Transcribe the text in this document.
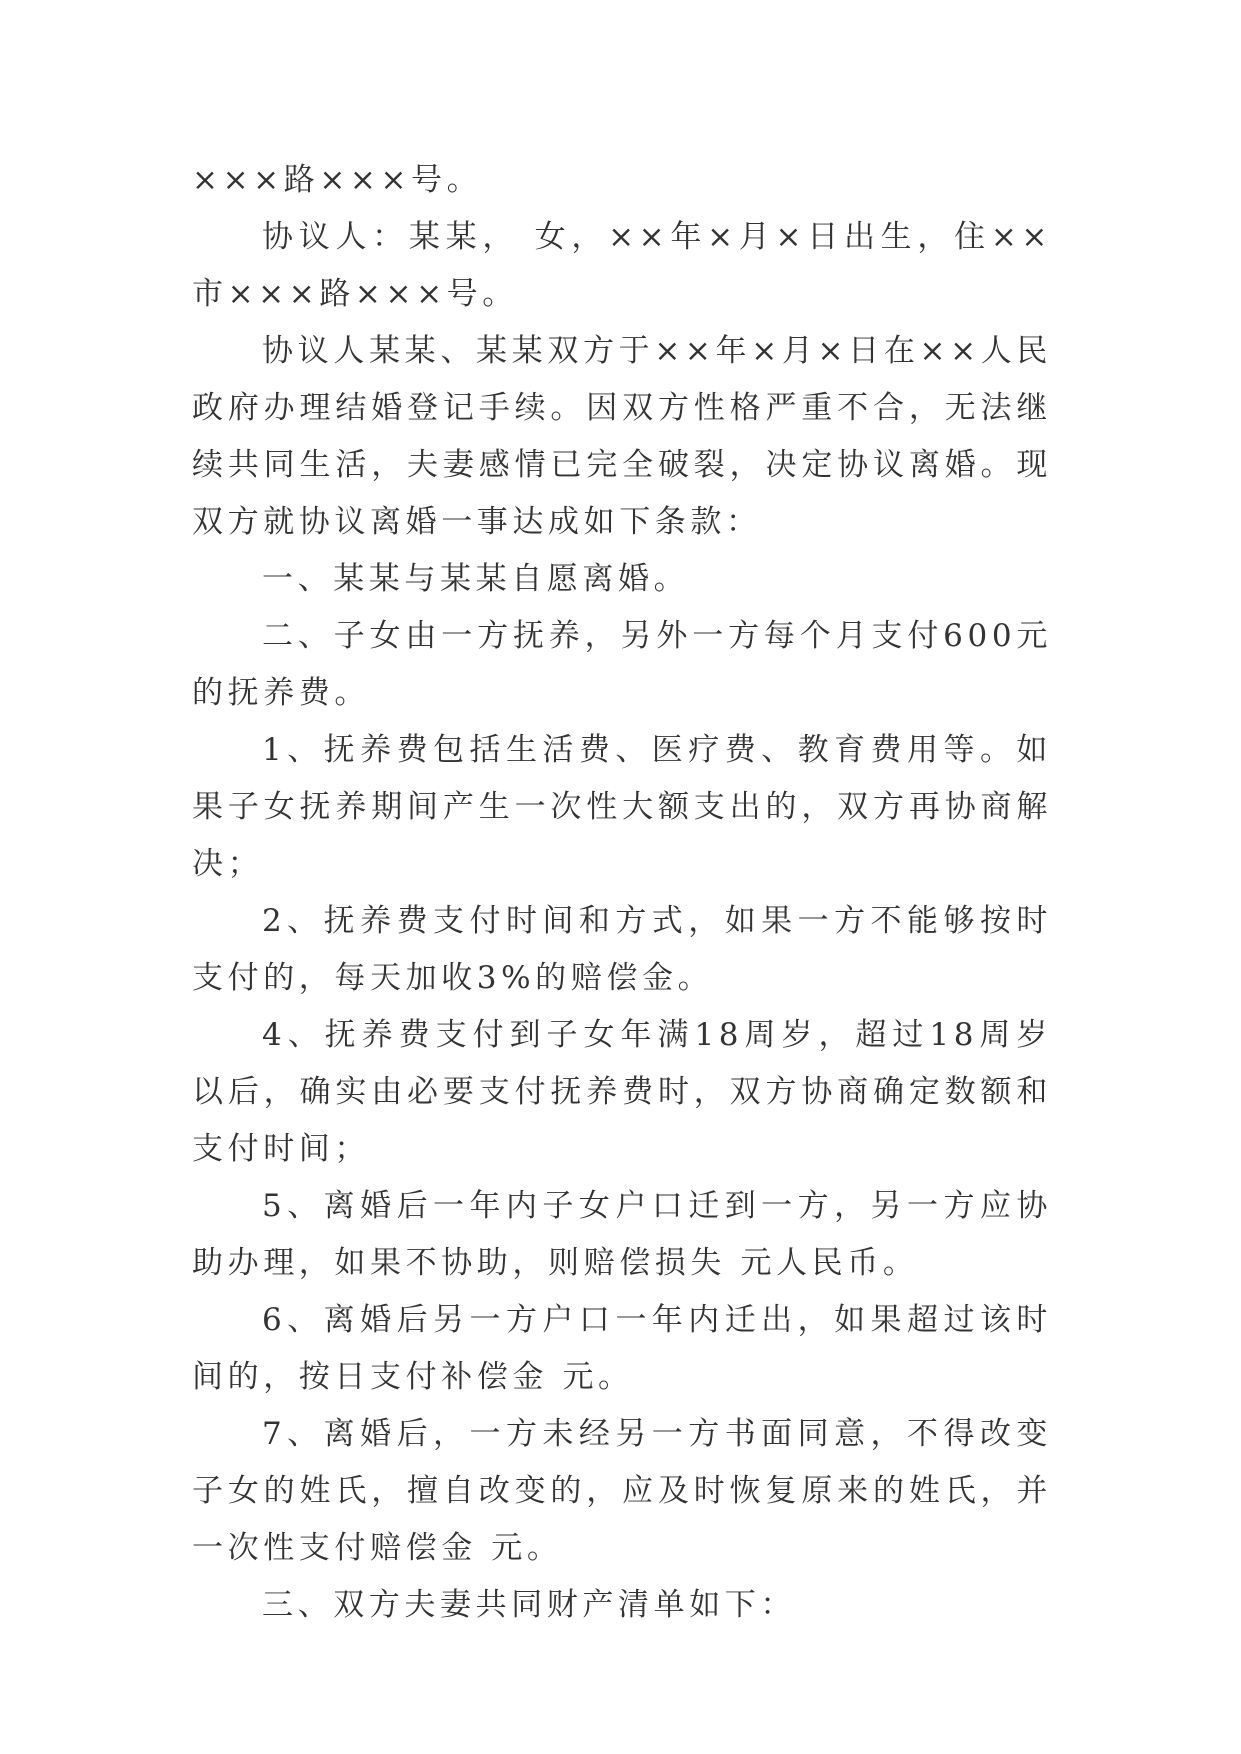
×××路×××号。

协议人：某某， 女，××年×月×日出生，住××市×××路×××号。

协议人某某、某某双方于××年×月×日在××人民政府办理结婚登记手续。因双方性格严重不合，无法继续共同生活，夫妻感情已完全破裂，决定协议离婚。现双方就协议离婚一事达成如下条款：

一、某某与某某自愿离婚。

二、子女由一方抚养，另外一方每个月支付600元的抚养费。

1、抚养费包括生活费、医疗费、教育费用等。如果子女抚养期间产生一次性大额支出的，双方再协商解决；

2、抚养费支付时间和方式，如果一方不能够按时支付的，每天加收3%的赔偿金。

4、抚养费支付到子女年满18周岁，超过18周岁以后，确实由必要支付抚养费时，双方协商确定数额和支付时间；

5、离婚后一年内子女户口迁到一方，另一方应协助办理，如果不协助，则赔偿损失 元人民币。

6、离婚后另一方户口一年内迁出，如果超过该时间的，按日支付补偿金 元。

7、离婚后，一方未经另一方书面同意，不得改变子女的姓氏，擅自改变的，应及时恢复原来的姓氏，并一次性支付赔偿金 元。

三、双方夫妻共同财产清单如下：
